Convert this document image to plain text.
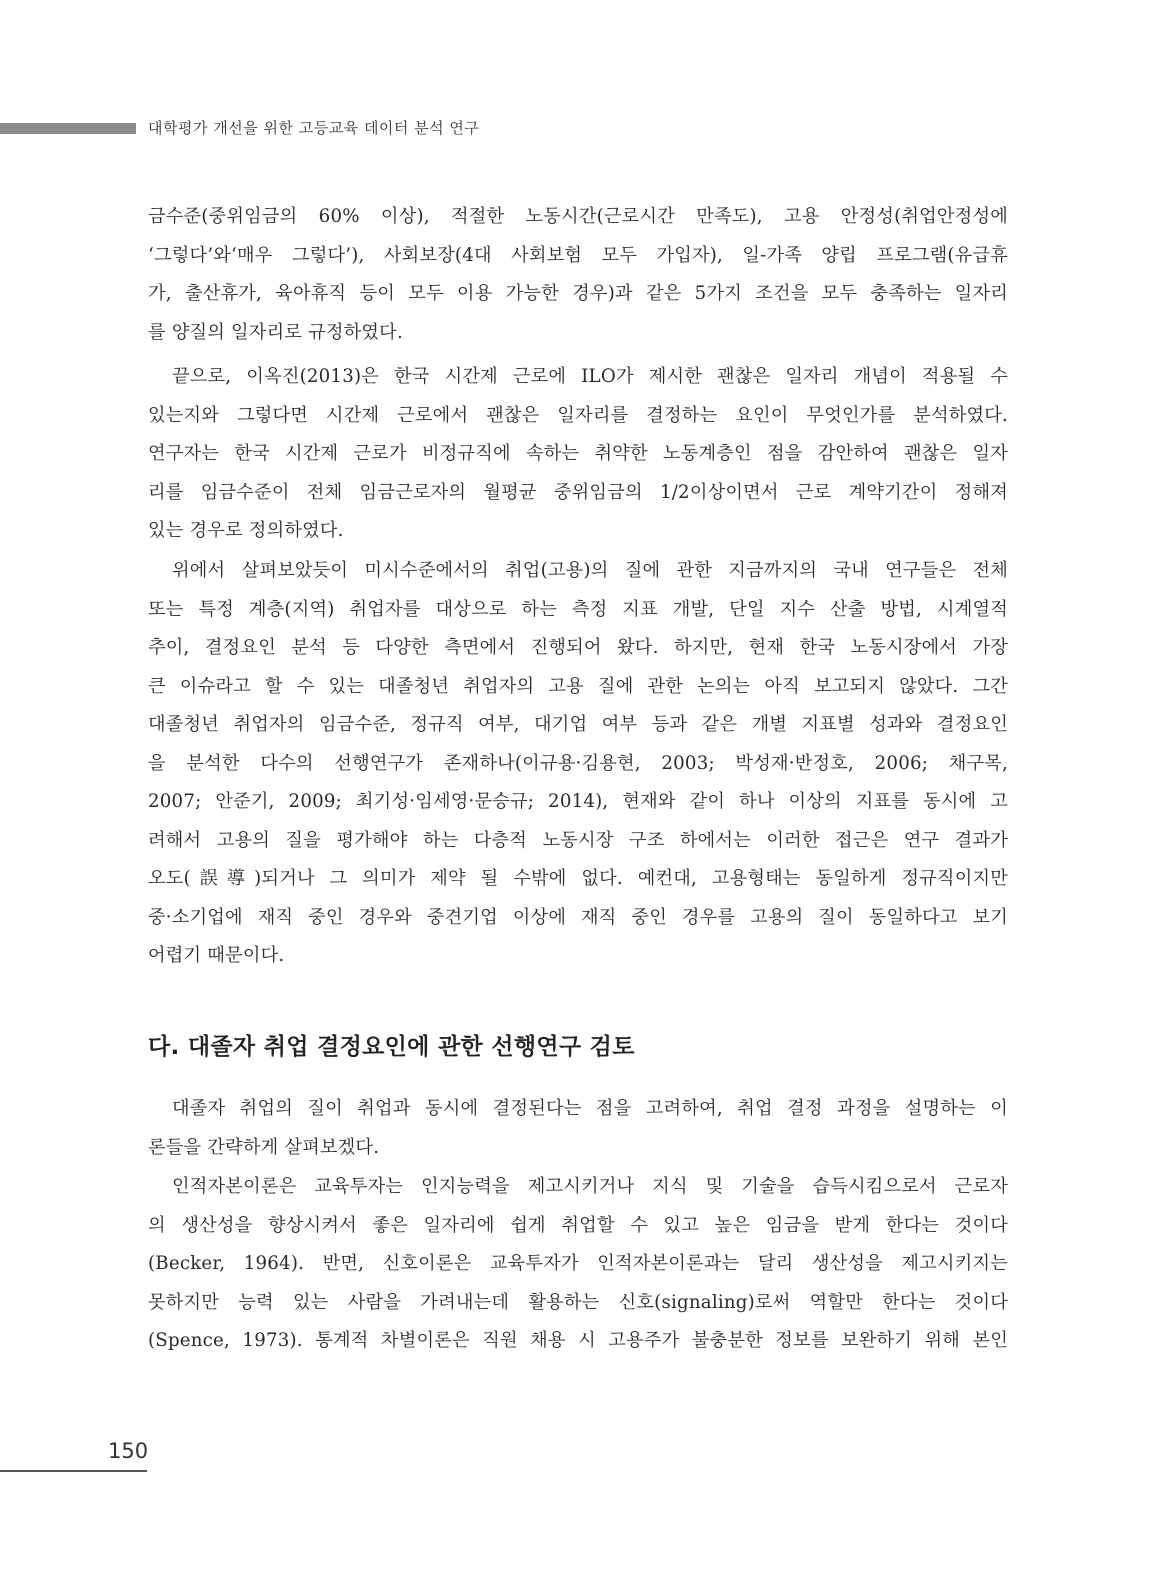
대학평가 개선을 위한 고등교육 데이터 분석 연구
금수준(중위임금의 60% 이상), 적절한 노동시간(근로시간 만족도), 고용 안정성(취업안정성에
‘그렇다’와‘매우 그렇다’), 사회보장(4대 사회보험 모두 가입자), 일-가족 양립 프로그램(유급휴
가, 출산휴가, 육아휴직 등이 모두 이용 가능한 경우)과 같은 5가지 조건을 모두 충족하는 일자리
를 양질의 일자리로 규정하였다.
끝으로, 이옥진(2013)은 한국 시간제 근로에 ILO가 제시한 괜찮은 일자리 개념이 적용될 수
있는지와 그렇다면 시간제 근로에서 괜찮은 일자리를 결정하는 요인이 무엇인가를 분석하였다.
연구자는 한국 시간제 근로가 비정규직에 속하는 취약한 노동계층인 점을 감안하여 괜찮은 일자
리를 임금수준이 전체 임금근로자의 월평균 중위임금의 1/2이상이면서 근로 계약기간이 정해져
있는 경우로 정의하였다.
위에서 살펴보았듯이 미시수준에서의 취업(고용)의 질에 관한 지금까지의 국내 연구들은 전체
또는 특정 계층(지역) 취업자를 대상으로 하는 측정 지표 개발, 단일 지수 산출 방법, 시계열적
추이, 결정요인 분석 등 다양한 측면에서 진행되어 왔다. 하지만, 현재 한국 노동시장에서 가장
큰 이슈라고 할 수 있는 대졸청년 취업자의 고용 질에 관한 논의는 아직 보고되지 않았다. 그간
대졸청년 취업자의 임금수준, 정규직 여부, 대기업 여부 등과 같은 개별 지표별 성과와 결정요인
을 분석한 다수의 선행연구가 존재하나(이규용·김용현, 2003; 박성재·반정호, 2006; 채구목,
2007; 안준기, 2009; 최기성·임세영·문승규; 2014), 현재와 같이 하나 이상의 지표를 동시에 고
려해서 고용의 질을 평가해야 하는 다층적 노동시장 구조 하에서는 이러한 접근은 연구 결과가
오도(誤導)되거나 그 의미가 제약 될 수밖에 없다. 예컨대, 고용형태는 동일하게 정규직이지만
중·소기업에 재직 중인 경우와 중견기업 이상에 재직 중인 경우를 고용의 질이 동일하다고 보기
어렵기 때문이다.
다. 대졸자 취업 결정요인에 관한 선행연구 검토
대졸자 취업의 질이 취업과 동시에 결정된다는 점을 고려하여, 취업 결정 과정을 설명하는 이
론들을 간략하게 살펴보겠다.
인적자본이론은 교육투자는 인지능력을 제고시키거나 지식 및 기술을 습득시킴으로서 근로자
의 생산성을 향상시켜서 좋은 일자리에 쉽게 취업할 수 있고 높은 임금을 받게 한다는 것이다
(Becker, 1964). 반면, 신호이론은 교육투자가 인적자본이론과는 달리 생산성을 제고시키지는
못하지만 능력 있는 사람을 가려내는데 활용하는 신호(signaling)로써 역할만 한다는 것이다
(Spence, 1973). 통계적 차별이론은 직원 채용 시 고용주가 불충분한 정보를 보완하기 위해 본인
150
